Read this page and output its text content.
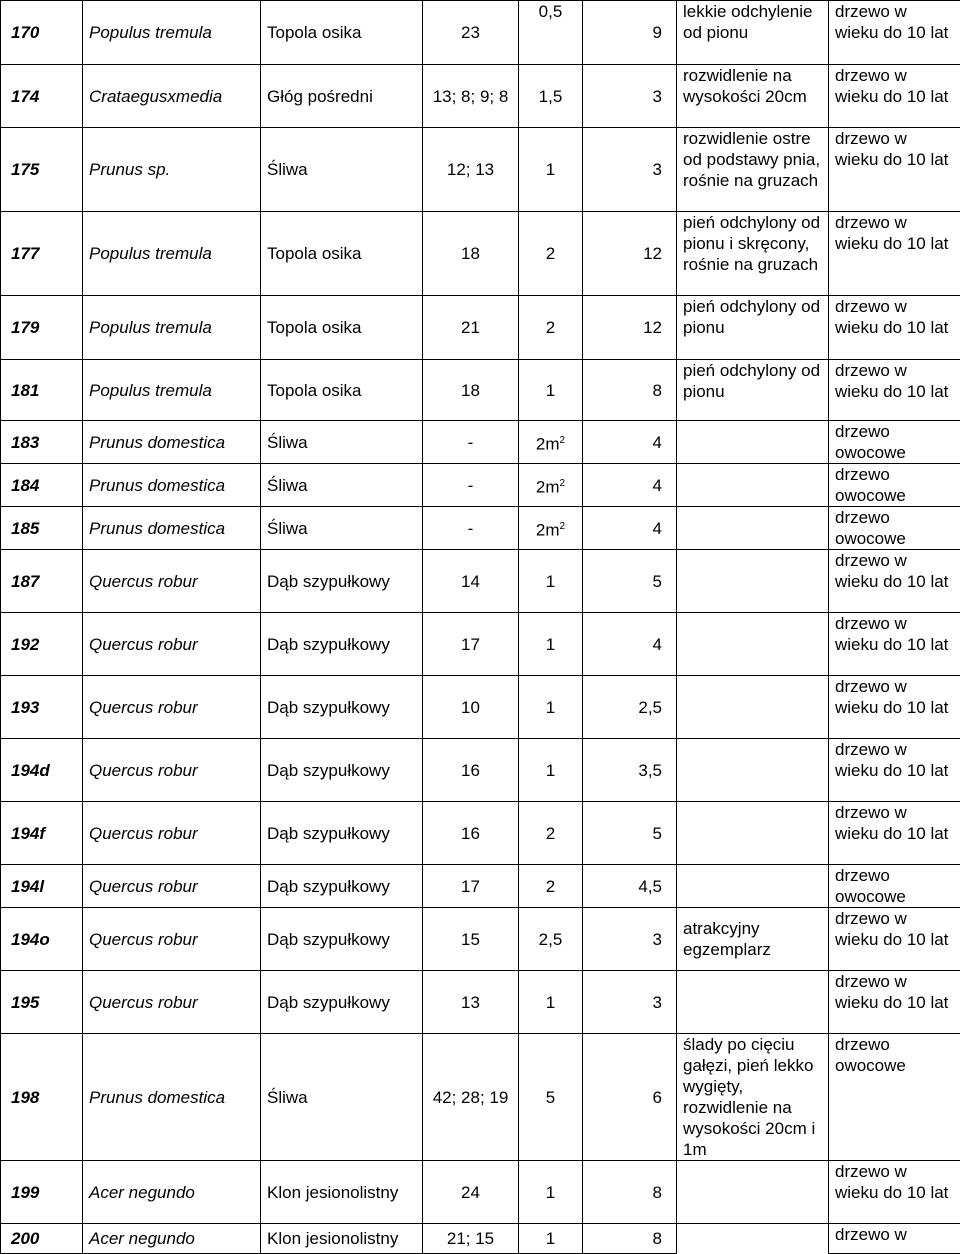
170	Populus tremula	Topola osika	23	0,5	9	lekkie odchylenie od pionu	drzewo w wieku do 10 lat
174	Crataegusxmedia	Głóg pośredni	13; 8; 9; 8	1,5	3	rozwidlenie na wysokości 20cm	drzewo w wieku do 10 lat
175	Prunus sp.	Śliwa	12; 13	1	3	rozwidlenie ostre od podstawy pnia, rośnie na gruzach	drzewo w wieku do 10 lat
177	Populus tremula	Topola osika	18	2	12	pień odchylony od pionu i skręcony, rośnie na gruzach	drzewo w wieku do 10 lat
179	Populus tremula	Topola osika	21	2	12	pień odchylony od pionu	drzewo w wieku do 10 lat
181	Populus tremula	Topola osika	18	1	8	pień odchylony od pionu	drzewo w wieku do 10 lat
183	Prunus domestica	Śliwa	-	$2m^2$	4		drzewo owocowe
184	Prunus domestica	Śliwa	-	$2m^2$	4		drzewo owocowe
185	Prunus domestica	Śliwa	-	$2m^2$	4		drzewo owocowe
187	Quercus robur	Dąb szypułkowy	14	1	5		drzewo w wieku do 10 lat
192	Quercus robur	Dąb szypułkowy	17	1	4		drzewo w wieku do 10 lat
193	Quercus robur	Dąb szypułkowy	10	1	2,5		drzewo w wieku do 10 lat
194d	Quercus robur	Dąb szypułkowy	16	1	3,5		drzewo w wieku do 10 lat
194f	Quercus robur	Dąb szypułkowy	16	2	5		drzewo w wieku do 10 lat
194l	Quercus robur	Dąb szypułkowy	17	2	4,5		drzewo owocowe
194o	Quercus robur	Dąb szypułkowy	15	2,5	3	atrakcyjny egzemplarz	drzewo w wieku do 10 lat
195	Quercus robur	Dąb szypułkowy	13	1	3		drzewo w wieku do 10 lat
198	Prunus domestica	Śliwa	42; 28; 19	5	6	ślady po cięciu gałęzi, pień lekko wygięty, rozwidlenie na wysokości 20cm i 1m	drzewo owocowe
199	Acer negundo	Klon jesionolistny	24	1	8		drzewo w wieku do 10 lat
200	Acer negundo	Klon jesionolistny	21; 15	1	8		drzewo w
